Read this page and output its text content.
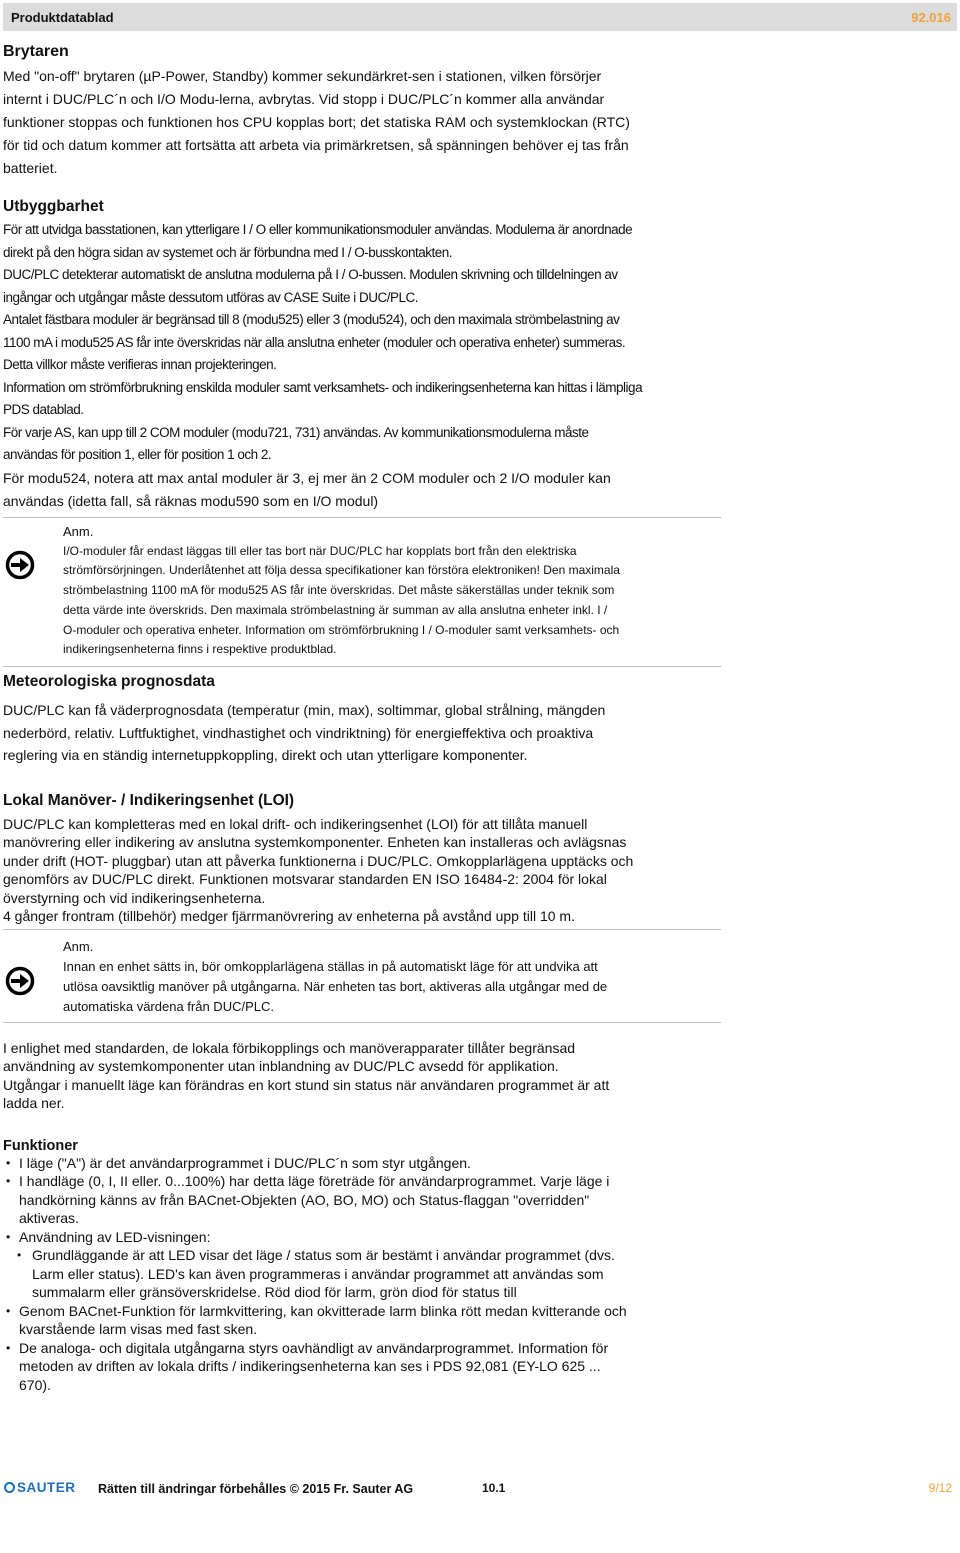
Produktdatablad	92.016
Brytaren

Med "on-off" brytaren (µP-Power, Standby) kommer sekundärkret-sen i stationen, vilken försörjer
internt i DUC/PLC´n och I/O Modu-lerna, avbrytas. Vid stopp i DUC/PLC´n kommer alla användar
funktioner stoppas och funktionen hos CPU kopplas bort; det statiska RAM och systemklockan (RTC)
för tid och datum kommer att fortsätta att arbeta via primärkretsen, så spänningen behöver ej tas från
batteriet.

Utbyggbarhet

För att utvidga basstationen, kan ytterligare I / O eller kommunikationsmoduler användas. Modulerna är anordnade
direkt på den högra sidan av systemet och är förbundna med I / O-busskontakten.
DUC/PLC detekterar automatiskt de anslutna modulerna på I / O-bussen. Modulen skrivning och tilldelningen av
ingångar och utgångar måste dessutom utföras av CASE Suite i DUC/PLC.
Antalet fästbara moduler är begränsad till 8 (modu525) eller 3 (modu524), och den maximala strömbelastning av
1100 mA i modu525 AS får inte överskridas när alla anslutna enheter (moduler och operativa enheter) summeras.
Detta villkor måste verifieras innan projekteringen.
Information om strömförbrukning enskilda moduler samt verksamhets- och indikeringsenheterna kan hittas i lämpliga
PDS datablad.
För varje AS, kan upp till 2 COM moduler (modu721, 731) användas. Av kommunikationsmodulerna måste
användas för position 1, eller för position 1 och 2.

För modu524, notera att max antal moduler är 3, ej mer än 2 COM moduler och 2 I/O moduler kan
användas (idetta fall, så räknas modu590 som en I/O modul)

Anm.

I/O-moduler får endast läggas till eller tas bort när DUC/PLC har kopplats bort från den elektriska
strömförsörjningen. Underlåtenhet att följa dessa specifikationer kan förstöra elektroniken! Den maximala
strömbelastning 1100 mA för modu525 AS får inte överskridas. Det måste säkerställas under teknik som
detta värde inte överskrids. Den maximala strömbelastning är summan av alla anslutna enheter inkl. I /
O-moduler och operativa enheter. Information om strömförbrukning I / O-moduler samt verksamhets- och
indikeringsenheterna finns i respektive produktblad.

Meteorologiska prognosdata

DUC/PLC kan få väderprognosdata (temperatur (min, max), soltimmar, global strålning, mängden
nederbörd, relativ. Luftfuktighet, vindhastighet och vindriktning) för energieffektiva och proaktiva
reglering via en ständig internetuppkoppling, direkt och utan ytterligare komponenter.

Lokal Manöver- / Indikeringsenhet (LOI)

DUC/PLC kan kompletteras med en lokal drift- och indikeringsenhet (LOI) för att tillåta manuell
manövrering eller indikering av anslutna systemkomponenter. Enheten kan installeras och avlägsnas
under drift (HOT- pluggbar) utan att påverka funktionerna i DUC/PLC. Omkopplarlägena upptäcks och
genomförs av DUC/PLC direkt. Funktionen motsvarar standarden EN ISO 16484-2: 2004 för lokal
överstyrning och vid indikeringsenheterna.
4 gånger frontram (tillbehör) medger fjärrmanövrering av enheterna på avstånd upp till 10 m.

Anm.

Innan en enhet sätts in, bör omkopplarlägena ställas in på automatiskt läge för att undvika att
utlösa oavsiktlig manöver på utgångarna. När enheten tas bort, aktiveras alla utgångar med de
automatiska värdena från DUC/PLC.

I enlighet med standarden, de lokala förbikopplings och manöverapparater tillåter begränsad
användning av systemkomponenter utan inblandning av DUC/PLC avsedd för applikation.
Utgångar i manuellt läge kan förändras en kort stund sin status när användaren programmet är att
ladda ner.

Funktioner
• I läge ("A") är det användarprogrammet i DUC/PLC´n som styr utgången.
• I handläge (0, I, II eller. 0...100%) har detta läge företräde för användarprogrammet. Varje läge i
handkörning känns av från BACnet-Objekten (AO, BO, MO) och Status-flaggan "overridden"
aktiveras.
• Användning av LED-visningen:
• Grundläggande är att LED visar det läge / status som är bestämt i användar programmet (dvs.
Larm eller status). LED's kan även programmeras i användar programmet att användas som
summalarm eller gränsöverskridelse. Röd diod för larm, grön diod för status till
• Genom BACnet-Funktion för larmkvittering, kan okvitterade larm blinka rött medan kvitterande och
kvarstående larm visas med fast sken.
• De analoga- och digitala utgångarna styrs oavhändligt av användarprogrammet. Information för
metoden av driften av lokala drifts / indikeringsenheterna kan ses i PDS 92,081 (EY-LO 625 ...
670).
SAUTER Rätten till ändringar förbehålles © 2015 Fr. Sauter AG	10.1	9/12
